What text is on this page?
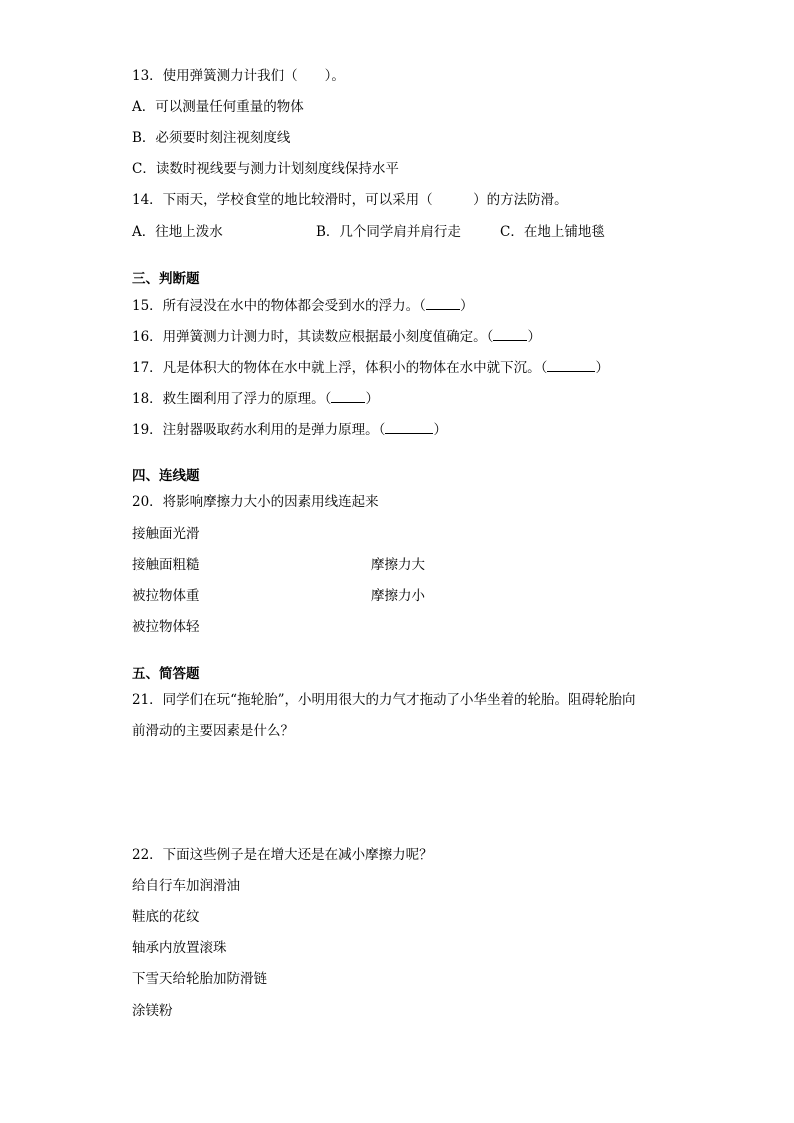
13．使用弹簧测力计我们（　　）。
A．可以测量任何重量的物体
B．必须要时刻注视刻度线
C．读数时视线要与测力计划刻度线保持水平
14．下雨天，学校食堂的地比较滑时，可以采用（　　　）的方法防滑。
A．往地上泼水	B．几个同学肩并肩行走	C．在地上铺地毯
三、判断题
15．所有浸没在水中的物体都会受到水的浮力。（	）
16．用弹簧测力计测力时，其读数应根据最小刻度值确定。（	）
17．凡是体积大的物体在水中就上浮，体积小的物体在水中就下沉。（	）
18．救生圈利用了浮力的原理。（	）
19．注射器吸取药水利用的是弹力原理。（	）
四、连线题
20．将影响摩擦力大小的因素用线连起来
接触面光滑
接触面粗糙
被拉物体重
被拉物体轻
摩擦力大
摩擦力小
五、简答题
21．同学们在玩“拖轮胎”，小明用很大的力气才拖动了小华坐着的轮胎。阻碍轮胎向
前滑动的主要因素是什么？
22．下面这些例子是在增大还是在减小摩擦力呢？
给自行车加润滑油
鞋底的花纹
轴承内放置滚珠
下雪天给轮胎加防滑链
涂镁粉
